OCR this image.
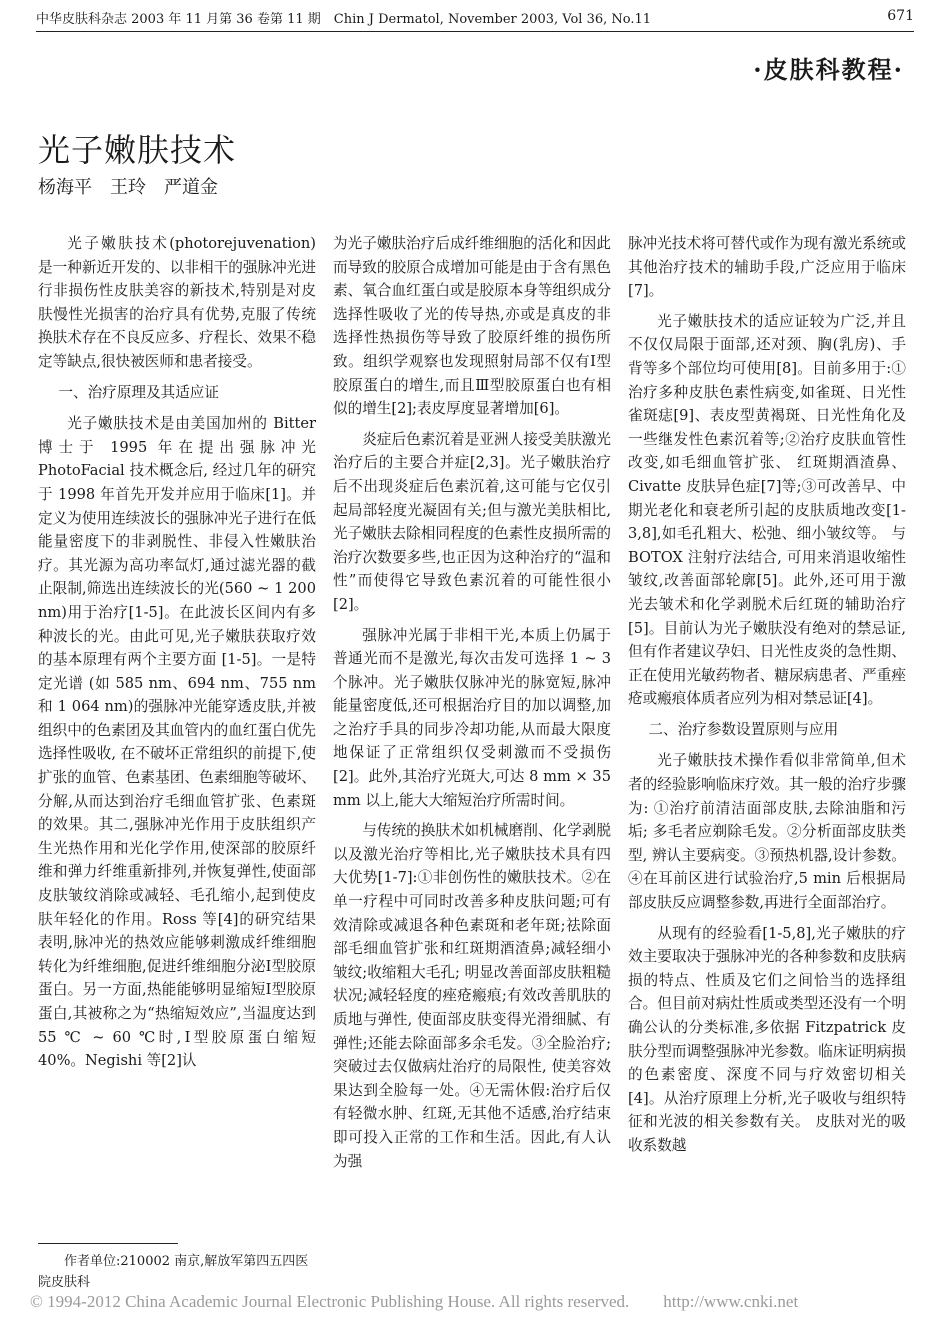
中华皮肤科杂志 2003 年 11 月第 36 卷第 11 期　Chin J Dermatol, November 2003, Vol 36, No.11	671
·皮肤科教程·
光子嫩肤技术
杨海平　王玲　严道金

光子嫩肤技术(photorejuvenation)是一种新近开发的、以非相干的强脉冲光进行非损伤性皮肤美容的新技术,特别是对皮肤慢性光损害的治疗具有优势,克服了传统换肤术存在不良反应多、疗程长、效果不稳定等缺点,很快被医师和患者接受。

一、治疗原理及其适应证

光子嫩肤技术是由美国加州的 Bitter 博士于 1995 年在提出强脉冲光 PhotoFacial 技术概念后, 经过几年的研究于 1998 年首先开发并应用于临床[1]。并定义为使用连续波长的强脉冲光子进行在低能量密度下的非剥脱性、非侵入性嫩肤治疗。其光源为高功率氙灯,通过滤光器的截止限制,筛选出连续波长的光(560 ~ 1 200 nm)用于治疗[1-5]。在此波长区间内有多种波长的光。由此可见,光子嫩肤获取疗效的基本原理有两个主要方面 [1-5]。一是特定光谱 (如 585 nm、694 nm、755 nm 和 1 064 nm)的强脉冲光能穿透皮肤,并被组织中的色素团及其血管内的血红蛋白优先选择性吸收, 在不破坏正常组织的前提下,使扩张的血管、色素基团、色素细胞等破坏、分解,从而达到治疗毛细血管扩张、色素斑的效果。其二,强脉冲光作用于皮肤组织产生光热作用和光化学作用,使深部的胶原纤维和弹力纤维重新排列,并恢复弹性,使面部皮肤皱纹消除或减轻、毛孔缩小,起到使皮肤年轻化的作用。Ross 等[4]的研究结果表明,脉冲光的热效应能够刺激成纤维细胞转化为纤维细胞,促进纤维细胞分泌Ⅰ型胶原蛋白。另一方面,热能能够明显缩短Ⅰ型胶原蛋白,其被称之为“热缩短效应”,当温度达到 55 ℃ ~ 60 ℃时,Ⅰ型胶原蛋白缩短 40%。Negishi 等[2]认

为光子嫩肤治疗后成纤维细胞的活化和因此而导致的胶原合成增加可能是由于含有黑色素、氧合血红蛋白或是胶原本身等组织成分选择性吸收了光的传导热,亦或是真皮的非选择性热损伤等导致了胶原纤维的损伤所致。组织学观察也发现照射局部不仅有Ⅰ型胶原蛋白的增生,而且Ⅲ型胶原蛋白也有相似的增生[2];表皮厚度显著增加[6]。

炎症后色素沉着是亚洲人接受美肤激光治疗后的主要合并症[2,3]。光子嫩肤治疗后不出现炎症后色素沉着,这可能与它仅引起局部轻度光凝固有关;但与激光美肤相比,光子嫩肤去除相同程度的色素性皮损所需的治疗次数要多些,也正因为这种治疗的“温和性”而使得它导致色素沉着的可能性很小[2]。

强脉冲光属于非相干光,本质上仍属于普通光而不是激光,每次击发可选择 1 ~ 3 个脉冲。光子嫩肤仅脉冲光的脉宽短,脉冲能量密度低,还可根据治疗目的加以调整,加之治疗手具的同步冷却功能,从而最大限度地保证了正常组织仅受刺激而不受损伤[2]。此外,其治疗光斑大,可达 8 mm × 35 mm 以上,能大大缩短治疗所需时间。

与传统的换肤术如机械磨削、化学剥脱以及激光治疗等相比,光子嫩肤技术具有四大优势[1-7]:①非创伤性的嫩肤技术。②在单一疗程中可同时改善多种皮肤问题;可有效清除或减退各种色素斑和老年斑;祛除面部毛细血管扩张和红斑期酒渣鼻;减轻细小皱纹;收缩粗大毛孔; 明显改善面部皮肤粗糙状况;减轻轻度的痤疮瘢痕;有效改善肌肤的质地与弹性, 使面部皮肤变得光滑细腻、有弹性;还能去除面部多余毛发。③全脸治疗;突破过去仅做病灶治疗的局限性, 使美容效果达到全脸每一处。④无需休假:治疗后仅有轻微水肿、红斑,无其他不适感,治疗结束即可投入正常的工作和生活。因此,有人认为强

脉冲光技术将可替代或作为现有激光系统或其他治疗技术的辅助手段,广泛应用于临床[7]。

光子嫩肤技术的适应证较为广泛,并且不仅仅局限于面部,还对颈、胸(乳房)、手背等多个部位均可使用[8]。目前多用于:①治疗多种皮肤色素性病变,如雀斑、日光性雀斑痣[9]、表皮型黄褐斑、日光性角化及一些继发性色素沉着等;②治疗皮肤血管性改变,如毛细血管扩张、 红斑期酒渣鼻、Civatte 皮肤异色症[7]等;③可改善早、中期光老化和衰老所引起的皮肤质地改变[1-3,8],如毛孔粗大、松弛、细小皱纹等。 与 BOTOX 注射疗法结合, 可用来消退收缩性皱纹,改善面部轮廓[5]。此外,还可用于激光去皱术和化学剥脱术后红斑的辅助治疗[5]。目前认为光子嫩肤没有绝对的禁忌证,但有作者建议孕妇、日光性皮炎的急性期、正在使用光敏药物者、糖尿病患者、严重痤疮或瘢痕体质者应列为相对禁忌证[4]。

二、治疗参数设置原则与应用

光子嫩肤技术操作看似非常简单,但术者的经验影响临床疗效。其一般的治疗步骤为: ①治疗前清洁面部皮肤,去除油脂和污垢; 多毛者应剃除毛发。②分析面部皮肤类型, 辨认主要病变。③预热机器,设计参数。 ④在耳前区进行试验治疗,5 min 后根据局部皮肤反应调整参数,再进行全面部治疗。

从现有的经验看[1-5,8],光子嫩肤的疗效主要取决于强脉冲光的各种参数和皮肤病损的特点、性质及它们之间恰当的选择组合。但目前对病灶性质或类型还没有一个明确公认的分类标准,多依据 Fitzpatrick 皮肤分型而调整强脉冲光参数。临床证明病损的色素密度、深度不同与疗效密切相关[4]。从治疗原理上分析,光子吸收与组织特征和光波的相关参数有关。 皮肤对光的吸收系数越

作者单位:210002 南京,解放军第四五四医院皮肤科
© 1994-2012 China Academic Journal Electronic Publishing House. All rights reserved.　　http://www.cnki.net
